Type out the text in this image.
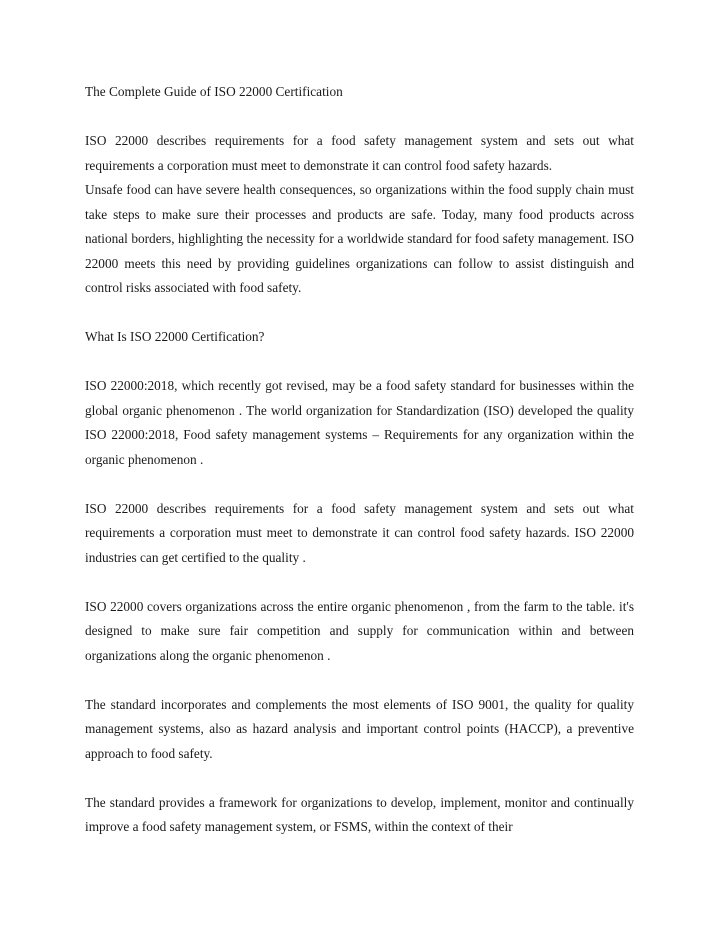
The Complete Guide of ISO 22000 Certification

ISO 22000 describes requirements for a food safety management system and sets out what requirements a corporation must meet to demonstrate it can control food safety hazards.

Unsafe food can have severe health consequences, so organizations within the food supply chain must take steps to make sure their processes and products are safe. Today, many food products across national borders, highlighting the necessity for a worldwide standard for food safety management. ISO 22000 meets this need by providing guidelines organizations can follow to assist distinguish and control risks associated with food safety.

What Is ISO 22000 Certification?

ISO 22000:2018, which recently got revised, may be a food safety standard for businesses within the global organic phenomenon . The world organization for Standardization (ISO) developed the quality ISO 22000:2018, Food safety management systems – Requirements for any organization within the organic phenomenon .

ISO 22000 describes requirements for a food safety management system and sets out what requirements a corporation must meet to demonstrate it can control food safety hazards. ISO 22000 industries can get certified to the quality .

ISO 22000 covers organizations across the entire organic phenomenon , from the farm to the table. it's designed to make sure fair competition and supply for communication within and between organizations along the organic phenomenon .

The standard incorporates and complements the most elements of ISO 9001, the quality for quality management systems, also as hazard analysis and important control points (HACCP), a preventive approach to food safety.

The standard provides a framework for organizations to develop, implement, monitor and continually improve a food safety management system, or FSMS, within the context of their
